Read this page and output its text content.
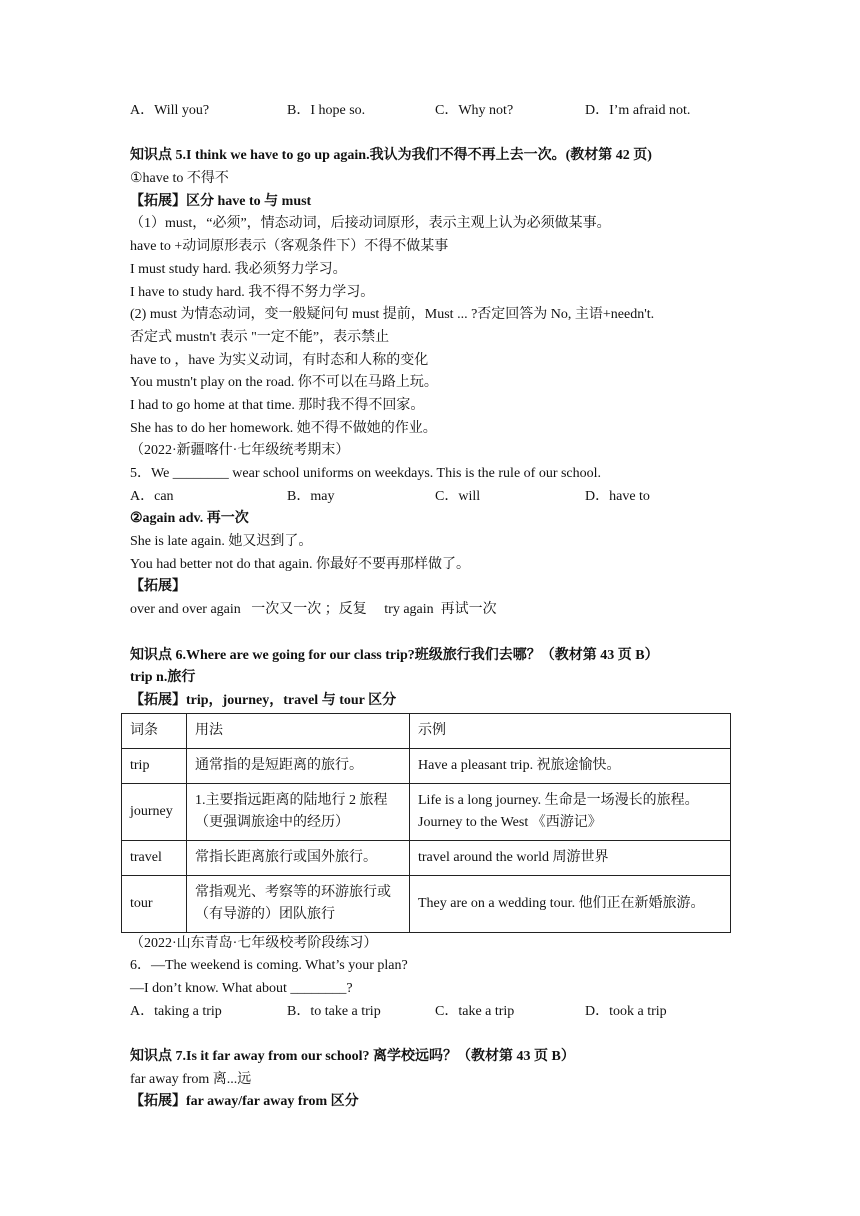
A．Will you?	B．I hope so.	C．Why not?	D．I’m afraid not.
知识点 5.I think we have to go up again.我认为我们不得不再上去一次。(教材第 42 页)
①have to 不得不
【拓展】区分 have to 与 must
（1）must，“必须”，情态动词，后接动词原形，表示主观上认为必须做某事。
have to +动词原形表示（客观条件下）不得不做某事
I must study hard. 我必须努力学习。
I have to study hard. 我不得不努力学习。
(2) must 为情态动词，变一般疑问句 must 提前，Must ... ?否定回答为 No, 主语+needn't.
否定式 mustn't 表示 "一定不能”，表示禁止
have to ，have 为实义动词，有时态和人称的变化
You mustn't play on the road. 你不可以在马路上玩。
I had to go home at that time. 那时我不得不回家。
She has to do her homework. 她不得不做她的作业。
（2022·新疆喀什·七年级统考期末）
5．We ________ wear school uniforms on weekdays. This is the rule of our school.
A．can	B．may	C．will	D．have to
②again adv. 再一次
She is late again. 她又迟到了。
You had better not do that again. 你最好不要再那样做了。
【拓展】
over and over again   一次又一次 ；反复     try again  再试一次
知识点 6.Where are we going for our class trip?班级旅行我们去哪？（教材第 43 页 B）
trip n.旅行
【拓展】trip，journey，travel 与 tour 区分
词条	用法	示例
trip	通常指的是短距离的旅行。	Have a pleasant trip. 祝旅途愉快。
journey	1.主要指远距离的陆地行 2 旅程（更强调旅途中的经历）	Life is a long journey. 生命是一场漫长的旅程。Journey to the West 《西游记》
travel	常指长距离旅行或国外旅行。	travel around the world 周游世界
tour	常指观光、考察等的环游旅行或（有导游的）团队旅行	They are on a wedding tour. 他们正在新婚旅游。
（2022·山东青岛·七年级校考阶段练习）
6．—The weekend is coming. What’s your plan?
—I don’t know. What about ________?
A．taking a trip	B．to take a trip	C．take a trip	D．took a trip
知识点 7.Is it far away from our school? 离学校远吗？（教材第 43 页 B）
far away from 离...远
【拓展】far away/far away from 区分
